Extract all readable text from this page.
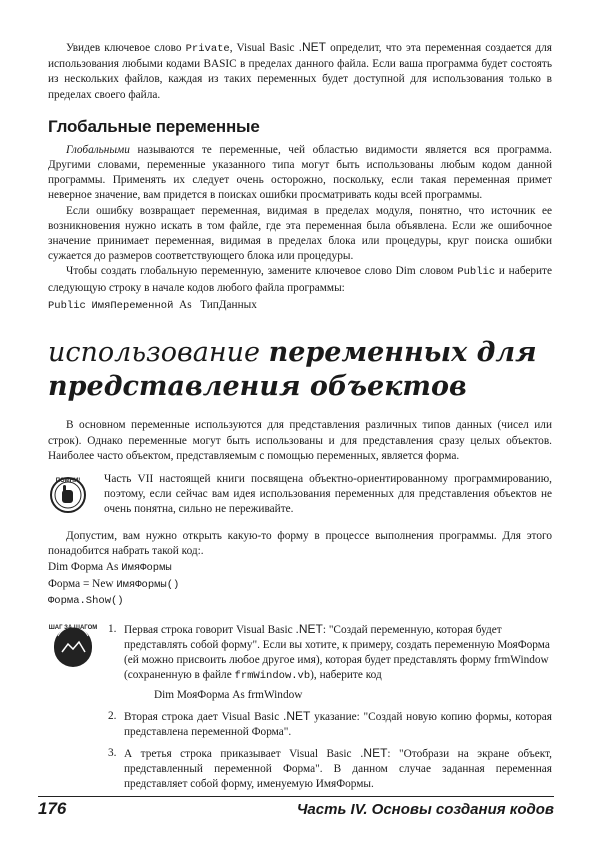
Увидев ключевое слово Private, Visual Basic .NET определит, что эта переменная создается для использования любыми кодами BASIC в пределах данного файла. Если ваша программа будет состоять из нескольких файлов, каждая из таких переменных будет доступной для использования только в пределах своего файла.

Глобальные переменные

Глобальными называются те переменные, чей областью видимости является вся программа. Другими словами, переменные указанного типа могут быть использованы любым кодом данной программы. Применять их следует очень осторожно, поскольку, если такая переменная примет неверное значение, вам придется в поисках ошибки просматривать коды всей программы.

Если ошибку возвращает переменная, видимая в пределах модуля, понятно, что источник ее возникновения нужно искать в том файле, где эта переменная была объявлена. Если же ошибочное значение принимает переменная, видимая в пределах блока или процедуры, круг поиска ошибки сужается до размеров соответствующего блока или процедуры.

Чтобы создать глобальную переменную, замените ключевое слово Dim словом Public и наберите следующую строку в начале кодов любого файла программы:

Public ИмяПеременной As ТипДанных

использование переменных для
представления объектов

В основном переменные используются для представления различных типов данных (чисел или строк). Однако переменные могут быть использованы и для представления сразу целых объектов. Наиболее часто объектом, представляемым с помощью переменных, является форма.

ПОМНИ! Часть VII настоящей книги посвящена объектно-ориентированному программированию, поэтому, если сейчас вам идея использования переменных для представления объектов не очень понятна, сильно не переживайте.

Допустим, вам нужно открыть какую-то форму в процессе выполнения программы. Для этого понадобится набрать такой код:.

Dim Форма As ИмяФормы
Форма = New ИмяФормы()
Форма.Show()
ШАГ ЗА ШАГОМ 1. Первая строка говорит Visual Basic .NET: "Создай переменную, которая будет представлять собой форму". Если вы хотите, к примеру, создать переменную МояФорма (ей можно присвоить любое другое имя), которая будет представлять форму frmWindow (сохраненную в файле frmWindow.vb), наберите код

Dim МояФорма As frmWindow
2. Вторая строка дает Visual Basic .NET указание: "Создай новую копию формы, которая представлена переменной Форма".

3. А третья строка приказывает Visual Basic .NET: "Отобрази на экране объект, представленный переменной Форма". В данном случае заданная переменная представляет собой форму, именуемую ИмяФормы.

176	Часть IV. Основы создания кодов
